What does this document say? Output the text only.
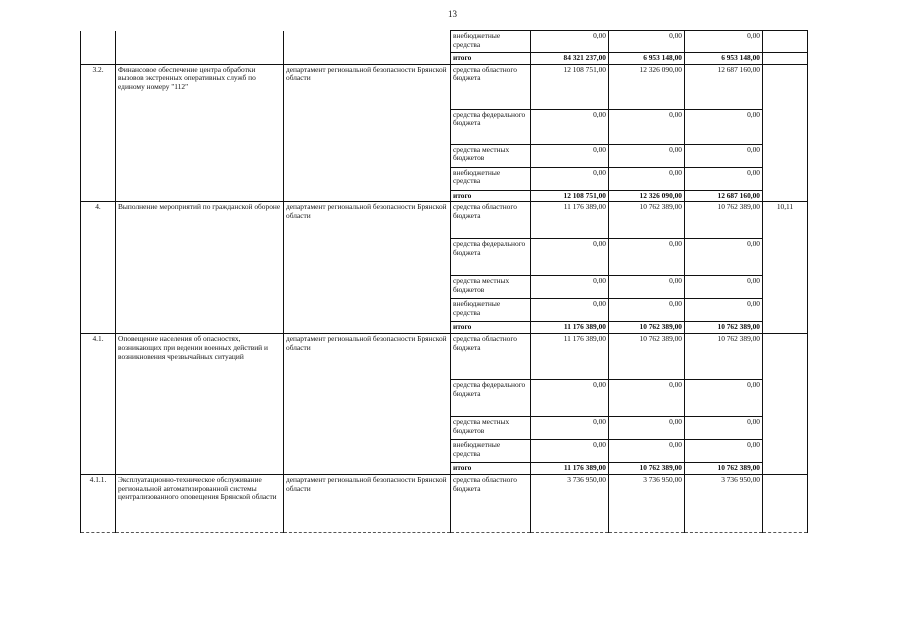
13
			внебюджетные средства	0,00	0,00	0,00	
			итого	84 321 237,00	6 953 148,00	6 953 148,00	
3.2.	Финансовое обеспечение центра обработки вызовов экстренных оперативных служб по единому номеру "112"	департамент региональной безопасности Брянской области	средства областного бюджета	12 108 751,00	12 326 090,00	12 687 160,00	
			средства федерального бюджета	0,00	0,00	0,00	
			средства местных бюджетов	0,00	0,00	0,00	
			внебюджетные средства	0,00	0,00	0,00	
			итого	12 108 751,00	12 326 090,00	12 687 160,00	
4.	Выполнение мероприятий по гражданской обороне	департамент региональной безопасности Брянской области	средства областного бюджета	11 176 389,00	10 762 389,00	10 762 389,00	10,11
			средства федерального бюджета	0,00	0,00	0,00	
			средства местных бюджетов	0,00	0,00	0,00	
			внебюджетные средства	0,00	0,00	0,00	
			итого	11 176 389,00	10 762 389,00	10 762 389,00	
4.1.	Оповещение населения об опасностях, возникающих при ведении военных действий и возникновения чрезвычайных ситуаций	департамент региональной безопасности Брянской области	средства областного бюджета	11 176 389,00	10 762 389,00	10 762 389,00	
			средства федерального бюджета	0,00	0,00	0,00	
			средства местных бюджетов	0,00	0,00	0,00	
			внебюджетные средства	0,00	0,00	0,00	
			итого	11 176 389,00	10 762 389,00	10 762 389,00	
4.1.1.	Эксплуатационно-техническое обслуживание региональной автоматизированной системы централизованного оповещения Брянской области	департамент региональной безопасности Брянской области	средства областного бюджета	3 736 950,00	3 736 950,00	3 736 950,00	
